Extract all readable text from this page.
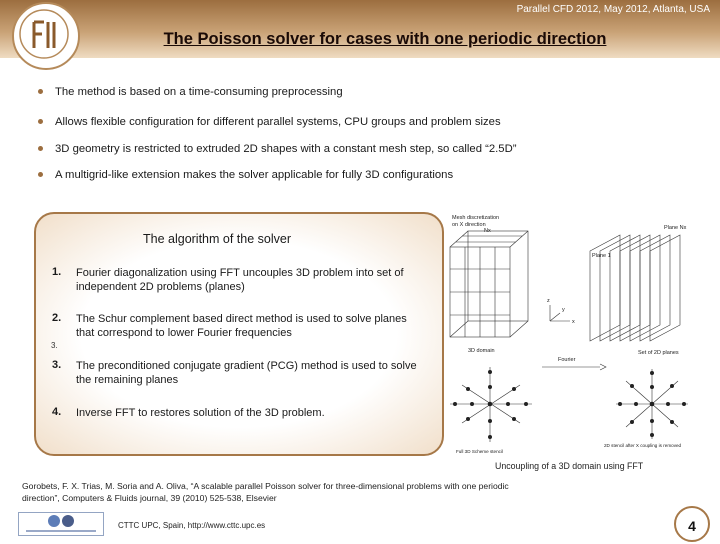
Parallel CFD 2012, May 2012, Atlanta, USA
The Poisson solver for cases with one periodic direction
The method is based on a time-consuming preprocessing
Allows flexible configuration for different parallel systems, CPU groups and problem sizes
3D geometry is restricted to extruded 2D shapes with a constant mesh step, so called “2.5D”
A multigrid-like extension makes the solver applicable for fully 3D configurations
The algorithm of the solver
1. Fourier diagonalization using FFT uncouples 3D problem into set of independent 2D problems (planes)
2. The Schur complement based direct method is used to solve planes that correspond to lower Fourier frequencies
3.
3. The preconditioned conjugate gradient (PCG) method is used to solve the remaining planes
4. Inverse FFT to restores solution of the 3D problem.
Mesh discretization
on X direction
Nx	Plane Nx
Plane 1
x
y
z
3D domain
Fourier
Set of 2D planes
Full 3D Scheme stencil
2D stencil after X coupling is removed
Uncoupling of a 3D domain using FFT
Gorobets, F. X. Trias, M. Soria and A. Oliva, “A scalable parallel Poisson solver for three-dimensional problems with one periodic direction”, Computers & Fluids journal, 39 (2010) 525-538, Elsevier
CTTC UPC, Spain, http://www.cttc.upc.es	4
